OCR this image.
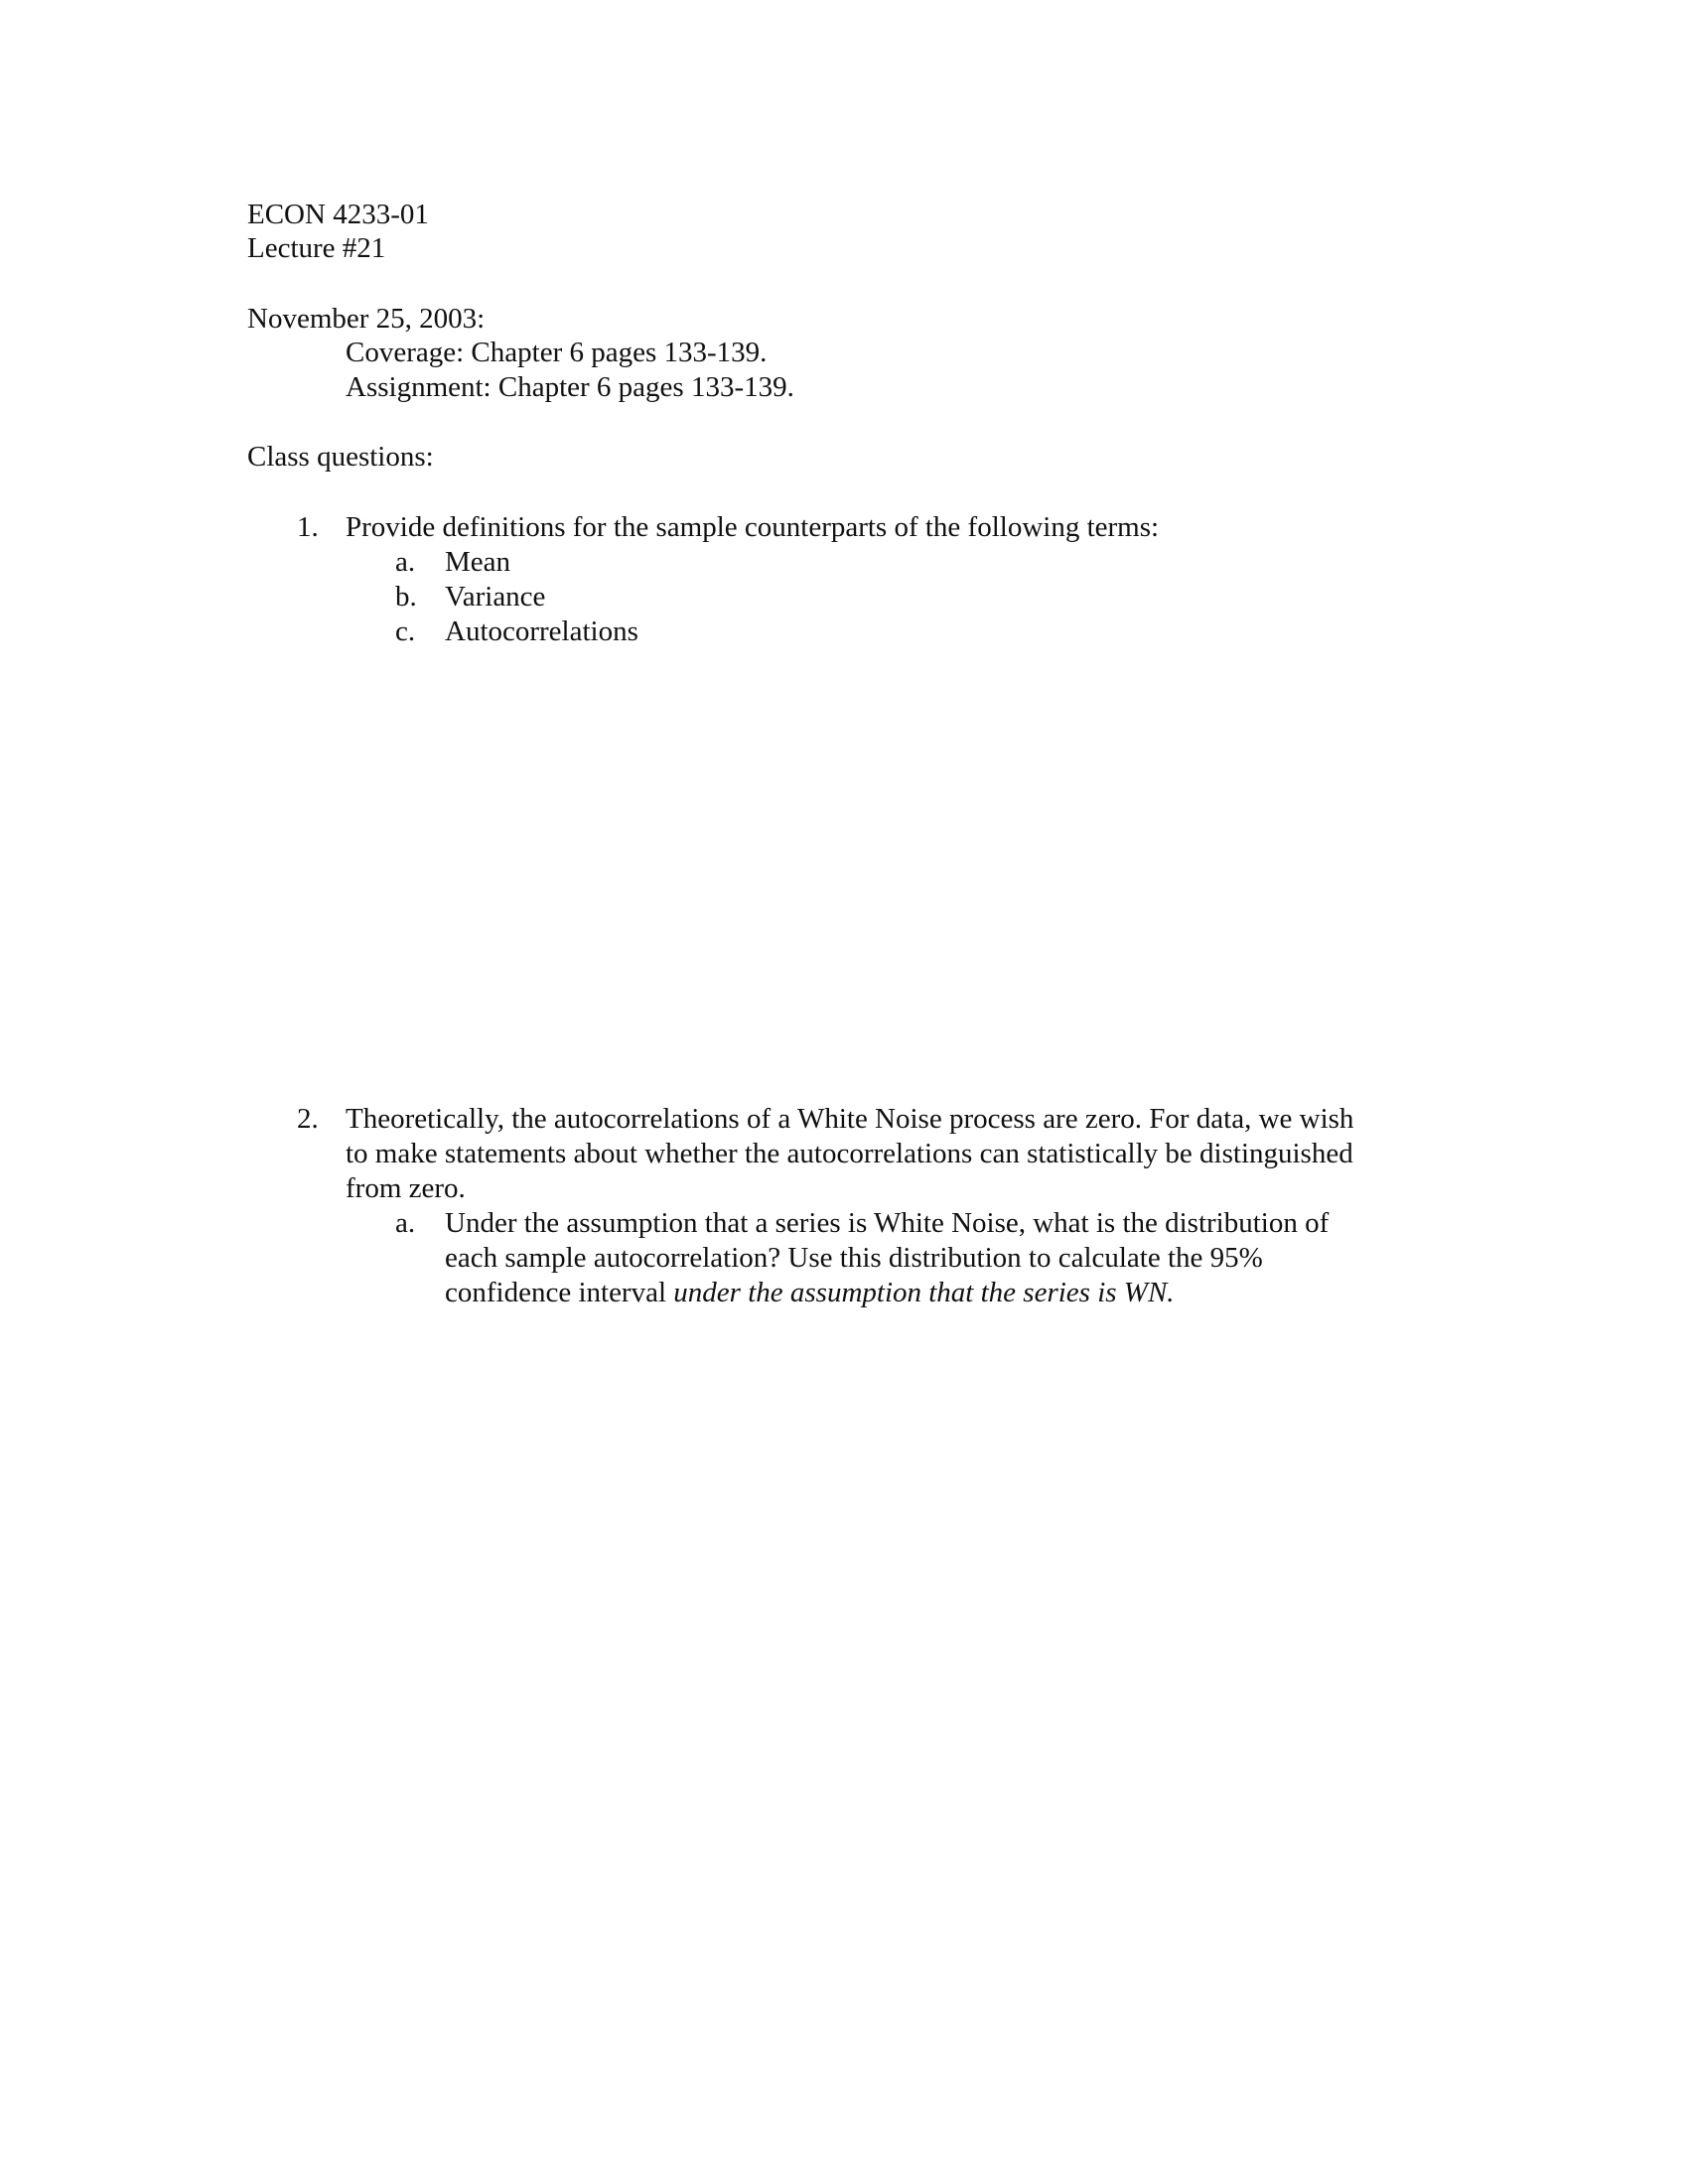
ECON 4233-01
Lecture #21
November 25, 2003:
Coverage: Chapter 6 pages 133-139.
Assignment: Chapter 6 pages 133-139.
Class questions:
1. Provide definitions for the sample counterparts of the following terms:
a. Mean
b. Variance
c. Autocorrelations
2. Theoretically, the autocorrelations of a White Noise process are zero. For data, we wish
to make statements about whether the autocorrelations can statistically be distinguished
from zero.
a. Under the assumption that a series is White Noise, what is the distribution of
each sample autocorrelation? Use this distribution to calculate the 95%
confidence interval under the assumption that the series is WN.
